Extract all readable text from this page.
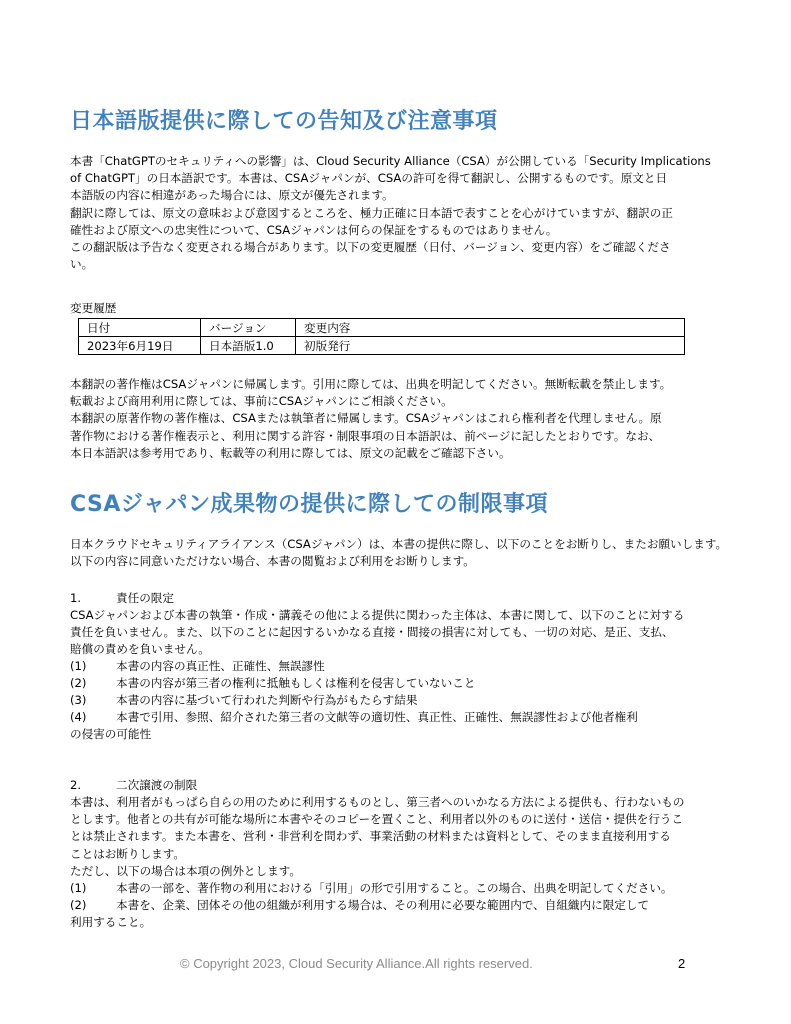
日本語版提供に際しての告知及び注意事項
本書「ChatGPTのセキュリティへの影響」は、Cloud Security Alliance（CSA）が公開している「Security Implications
of ChatGPT」の日本語訳です。本書は、CSAジャパンが、CSAの許可を得て翻訳し、公開するものです。原文と日
本語版の内容に相違があった場合には、原文が優先されます。
翻訳に際しては、原文の意味および意図するところを、極力正確に日本語で表すことを心がけていますが、翻訳の正
確性および原文への忠実性について、CSAジャパンは何らの保証をするものではありません。
この翻訳版は予告なく変更される場合があります。以下の変更履歴（日付、バージョン、変更内容）をご確認くださ
い。
変更履歴
日付	バージョン	変更内容
2023年6月19日	日本語版1.0	初版発行
本翻訳の著作権はCSAジャパンに帰属します。引用に際しては、出典を明記してください。無断転載を禁止します。
転載および商用利用に際しては、事前にCSAジャパンにご相談ください。
本翻訳の原著作物の著作権は、CSAまたは執筆者に帰属します。CSAジャパンはこれら権利者を代理しません。原
著作物における著作権表示と、利用に関する許容・制限事項の日本語訳は、前ページに記したとおりです。なお、
本日本語訳は参考用であり、転載等の利用に際しては、原文の記載をご確認下さい。
CSAジャパン成果物の提供に際しての制限事項
日本クラウドセキュリティアライアンス（CSAジャパン）は、本書の提供に際し、以下のことをお断りし、またお願いします。
以下の内容に同意いただけない場合、本書の閲覧および利用をお断りします。
1.	責任の限定
CSAジャパンおよび本書の執筆・作成・講義その他による提供に関わった主体は、本書に関して、以下のことに対する
責任を負いません。また、以下のことに起因するいかなる直接・間接の損害に対しても、一切の対応、是正、支払、
賠償の責めを負いません。
(1)	本書の内容の真正性、正確性、無誤謬性
(2)	本書の内容が第三者の権利に抵触もしくは権利を侵害していないこと
(3)	本書の内容に基づいて行われた判断や行為がもたらす結果
(4)	本書で引用、参照、紹介された第三者の文献等の適切性、真正性、正確性、無誤謬性および他者権利
の侵害の可能性
2.	二次譲渡の制限
本書は、利用者がもっぱら自らの用のために利用するものとし、第三者へのいかなる方法による提供も、行わないもの
とします。他者との共有が可能な場所に本書やそのコピーを置くこと、利用者以外のものに送付・送信・提供を行うこ
とは禁止されます。また本書を、営利・非営利を問わず、事業活動の材料または資料として、そのまま直接利用する
ことはお断りします。
ただし、以下の場合は本項の例外とします。
(1)	本書の一部を、著作物の利用における「引用」の形で引用すること。この場合、出典を明記してください。
(2)	本書を、企業、団体その他の組織が利用する場合は、その利用に必要な範囲内で、自組織内に限定して
利用すること。
© Copyright 2023, Cloud Security Alliance.All rights reserved.	2
